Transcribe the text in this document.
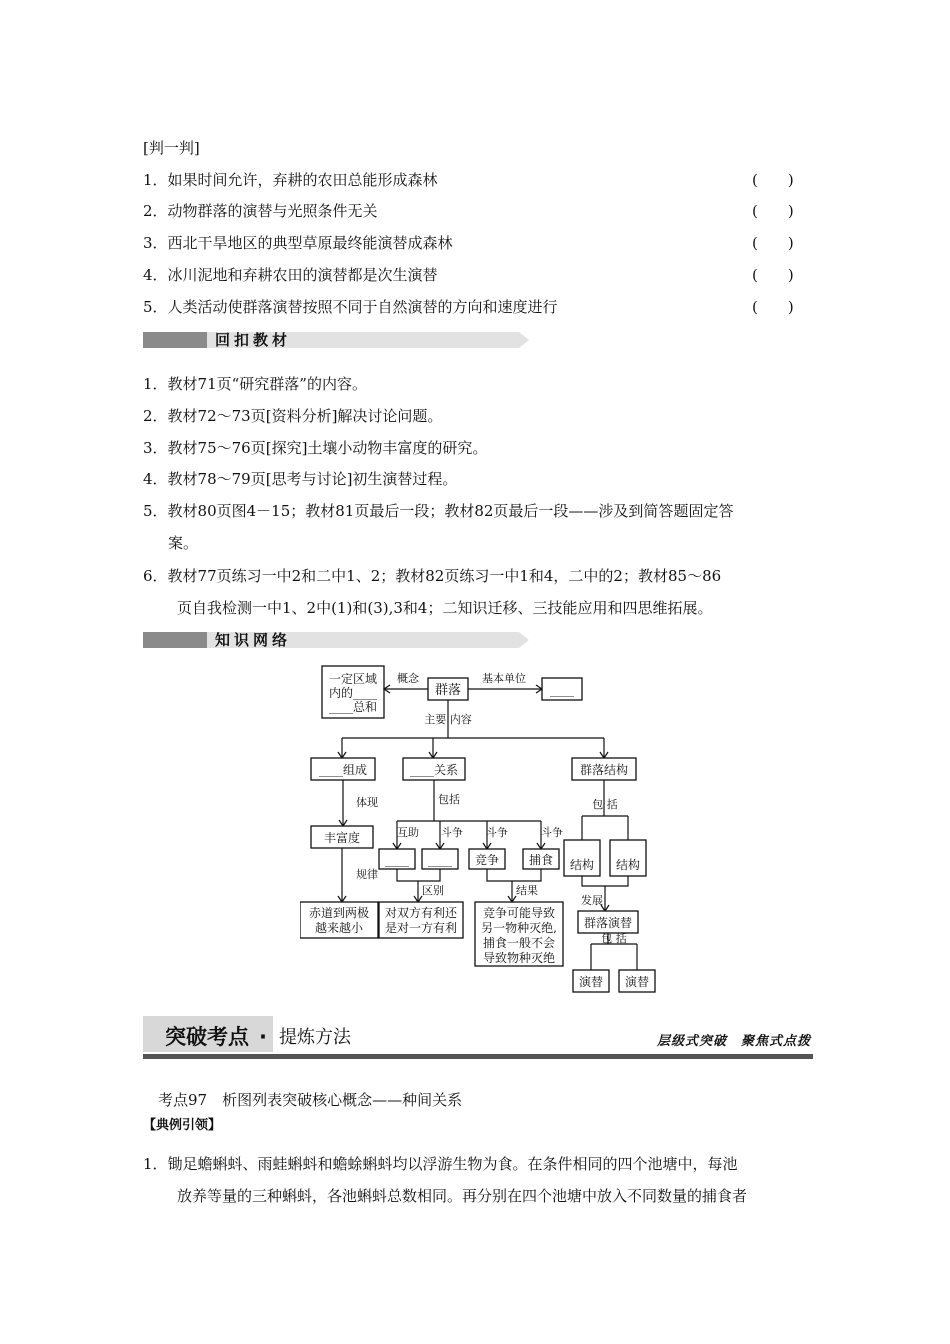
[判一判]
1．如果时间允许，弃耕的农田总能形成森林	(　　)
2．动物群落的演替与光照条件无关	(　　)
3．西北干旱地区的典型草原最终能演替成森林	(　　)
4．冰川泥地和弃耕农田的演替都是次生演替	(　　)
5．人类活动使群落演替按照不同于自然演替的方向和速度进行	(　　)
回扣教材
1．教材71页“研究群落”的内容。
2．教材72～73页[资料分析]解决讨论问题。
3．教材75～76页[探究]土壤小动物丰富度的研究。
4．教材78～79页[思考与讨论]初生演替过程。
5．教材80页图4－15；教材81页最后一段；教材82页最后一段——涉及到简答题固定答
案。
6．教材77页练习一中2和二中1、2；教材82页练习一中1和4，二中的2；教材85～86
页自我检测一中1、2中(1)和(3),3和4；二知识迁移、三技能应用和四思维拓展。
知识网络
一定区域
内的____
____总和
概念
群落
基本单位
____
主要 内容
____组成	____关系	群落结构
体现
丰富度
规律
赤道到两极
越来越小
包括
互助 斗争 斗争	斗争
____ ____ 竞争 捕食
区别
对双方有利还
是对一方有利
结果
竞争可能导致
另一物种灭绝,
捕食一般不会
导致物种灭绝
包 括
结构 结构
发展
群落演替
包 括
演替 演替
突破考点 · 提炼方法	层级式突破　聚焦式点拨
考点97　析图列表突破核心概念——种间关系
【典例引领】
1．锄足蟾蝌蚪、雨蛙蝌蚪和蟾蜍蝌蚪均以浮游生物为食。在条件相同的四个池塘中，每池
放养等量的三种蝌蚪，各池蝌蚪总数相同。再分别在四个池塘中放入不同数量的捕食者
